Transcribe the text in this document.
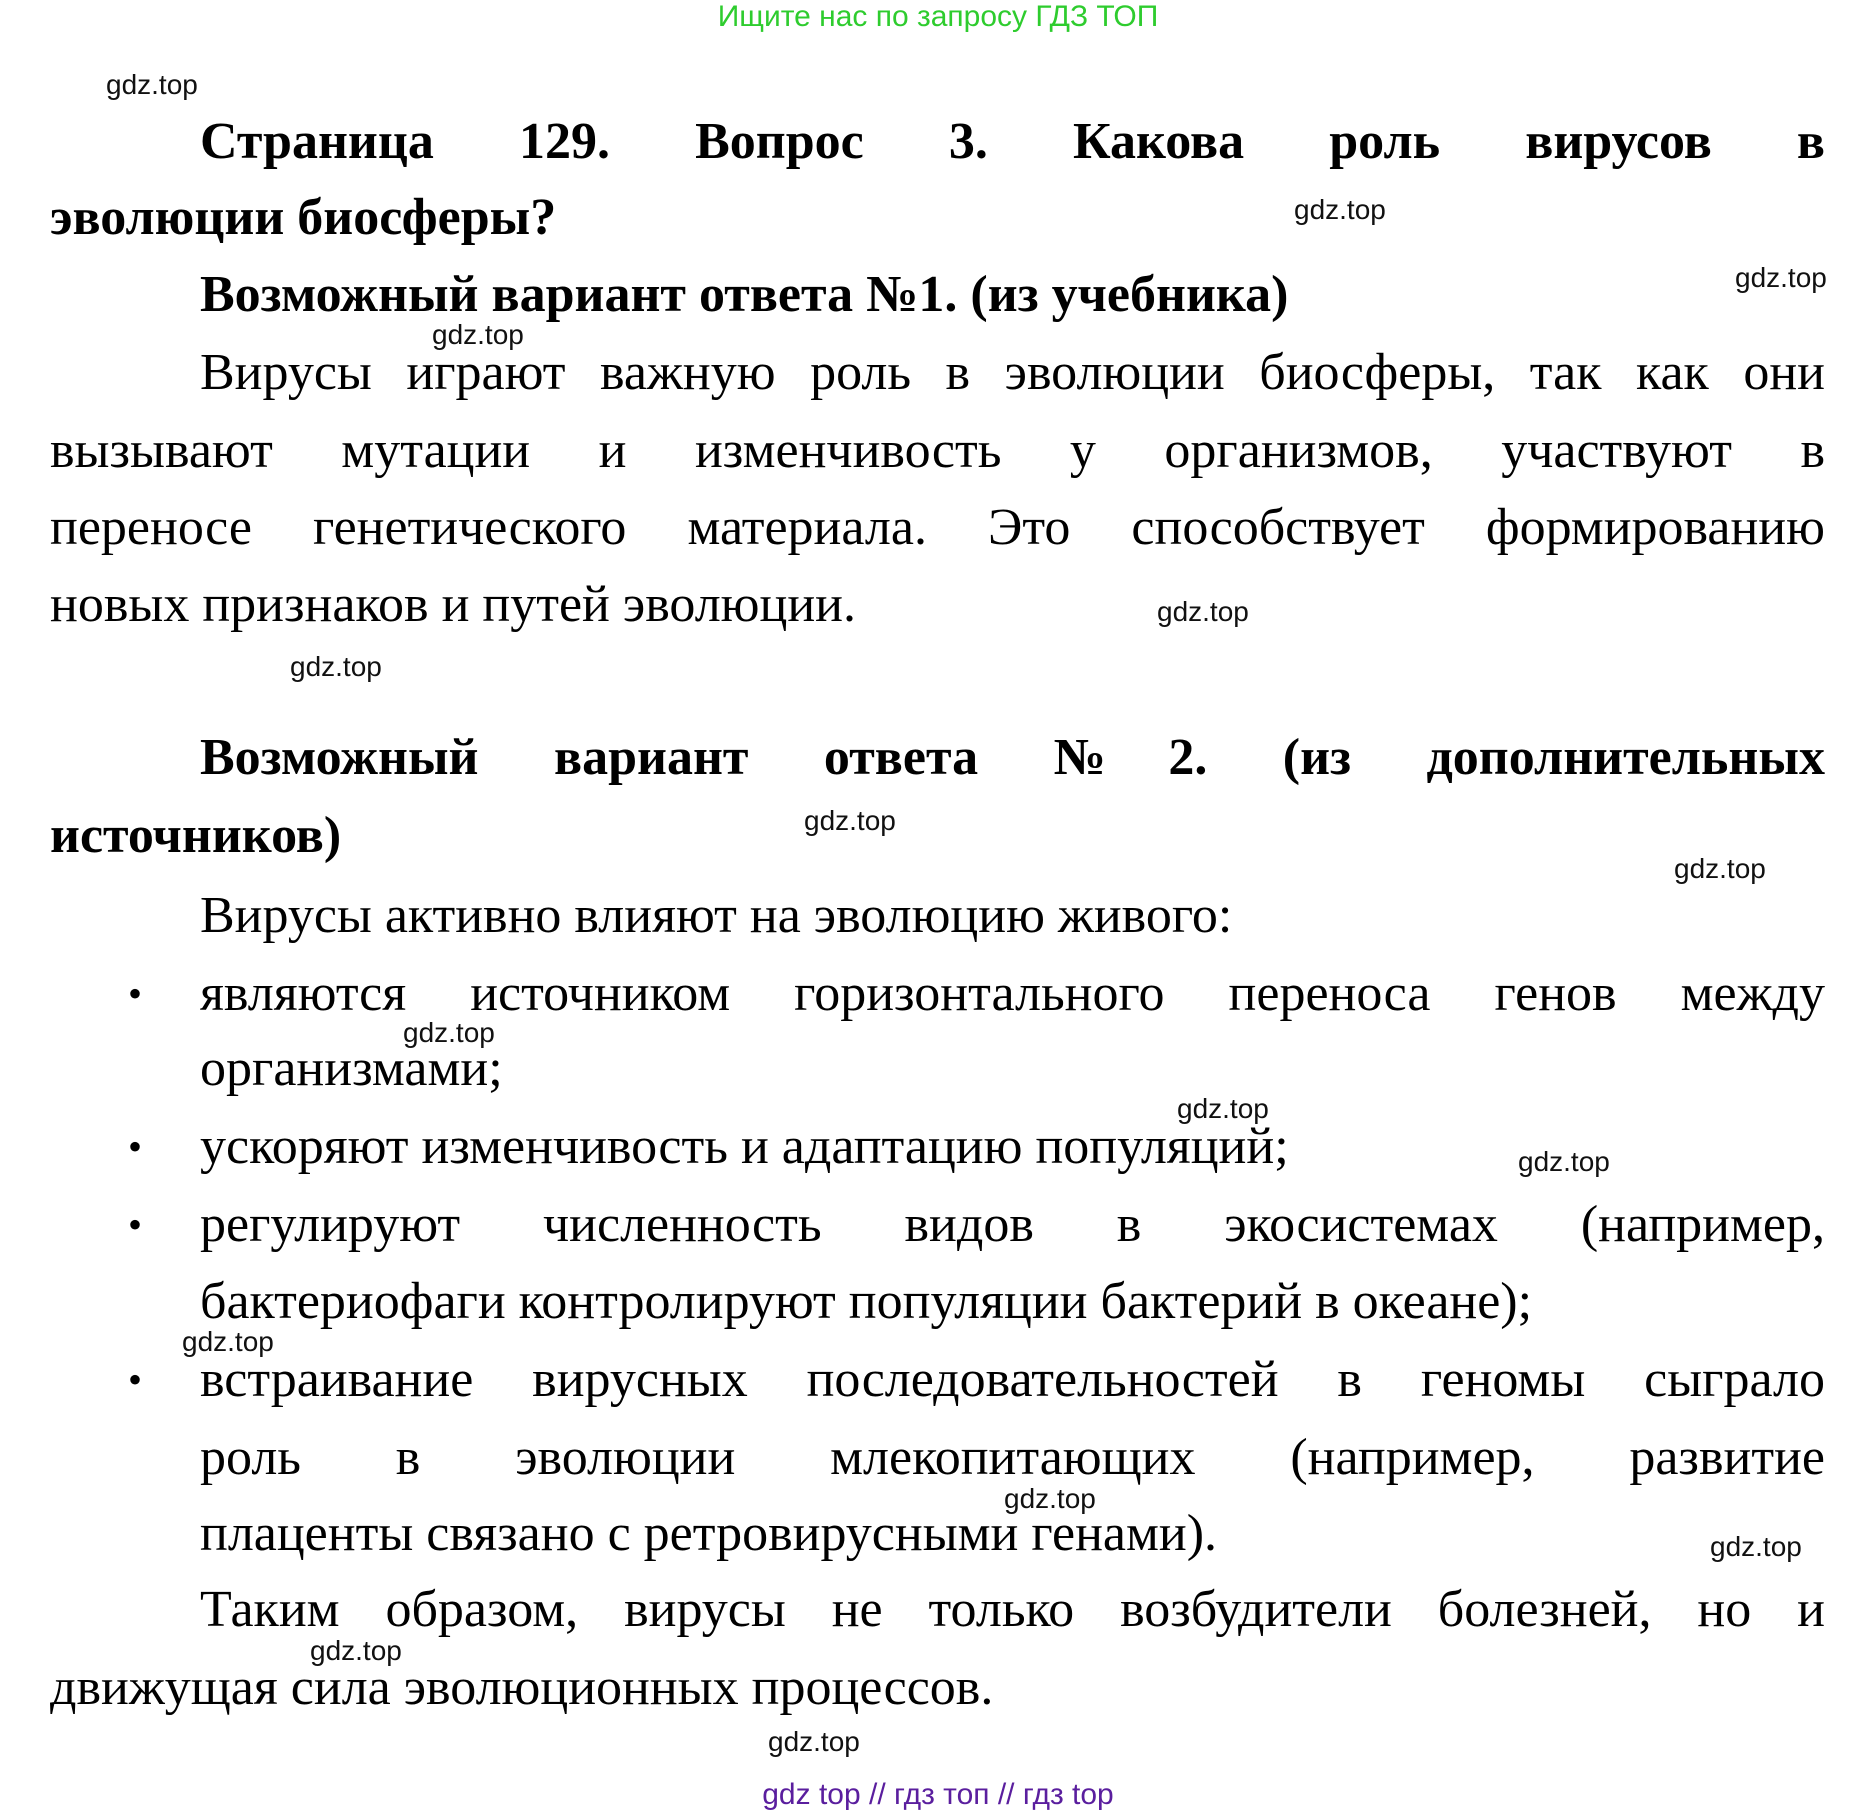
Ищите нас по запросу ГДЗ ТОП
Страница 129. Вопрос 3. Какова роль вирусов в
эволюции биосферы?
Возможный вариант ответа №1. (из учебника)
Вирусы играют важную роль в эволюции биосферы, так как они
вызывают мутации и изменчивость у организмов, участвуют в
переносе генетического материала. Это способствует формированию
новых признаков и путей эволюции.
Возможный вариант ответа №2. (из дополнительных
источников)
Вирусы активно влияют на эволюцию живого:
• являются источником горизонтального переноса генов между
организмами;
• ускоряют изменчивость и адаптацию популяций;
• регулируют численность видов в экосистемах (например,
бактериофаги контролируют популяции бактерий в океане);
• встраивание вирусных последовательностей в геномы сыграло
роль в эволюции млекопитающих (например, развитие
плаценты связано с ретровирусными генами).
Таким образом, вирусы не только возбудители болезней, но и
движущая сила эволюционных процессов.
gdz.top
gdz.top
gdz.top
gdz.top
gdz.top
gdz.top
gdz.top
gdz.top
gdz.top
gdz.top
gdz.top
gdz.top
gdz.top
gdz.top
gdz.top
gdz.top
gdz top // гдз топ // гдз top
